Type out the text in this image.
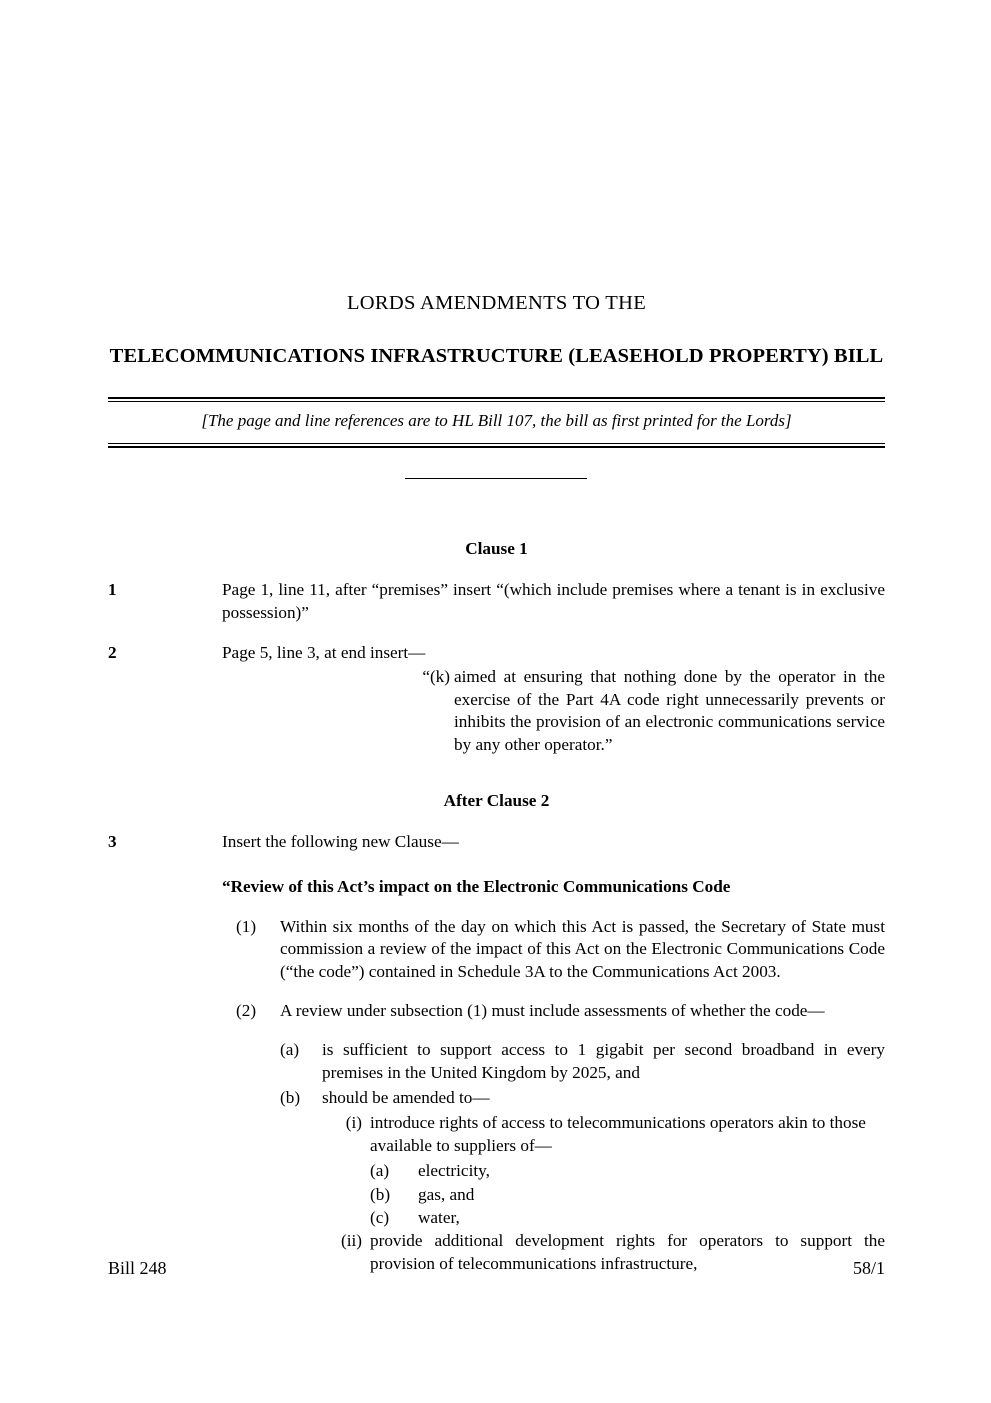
LORDS AMENDMENTS TO THE
TELECOMMUNICATIONS INFRASTRUCTURE (LEASEHOLD PROPERTY) BILL
[The page and line references are to HL Bill 107, the bill as first printed for the Lords]
Clause 1
1	Page 1, line 11, after “premises” insert “(which include premises where a tenant is in exclusive possession)”
2	Page 5, line 3, at end insert—
“(k) aimed at ensuring that nothing done by the operator in the exercise of the Part 4A code right unnecessarily prevents or inhibits the provision of an electronic communications service by any other operator.”
After Clause 2
3	Insert the following new Clause—
“Review of this Act’s impact on the Electronic Communications Code
(1)	Within six months of the day on which this Act is passed, the Secretary of State must commission a review of the impact of this Act on the Electronic Communications Code (“the code”) contained in Schedule 3A to the Communications Act 2003.
(2)	A review under subsection (1) must include assessments of whether the code—
(a)	is sufficient to support access to 1 gigabit per second broadband in every premises in the United Kingdom by 2025, and
(b)	should be amended to—
(i) introduce rights of access to telecommunications operators akin to those available to suppliers of—
(a)	electricity,
(b)	gas, and
(c)	water,
(ii) provide additional development rights for operators to support the provision of telecommunications infrastructure,
Bill 248	58/1
